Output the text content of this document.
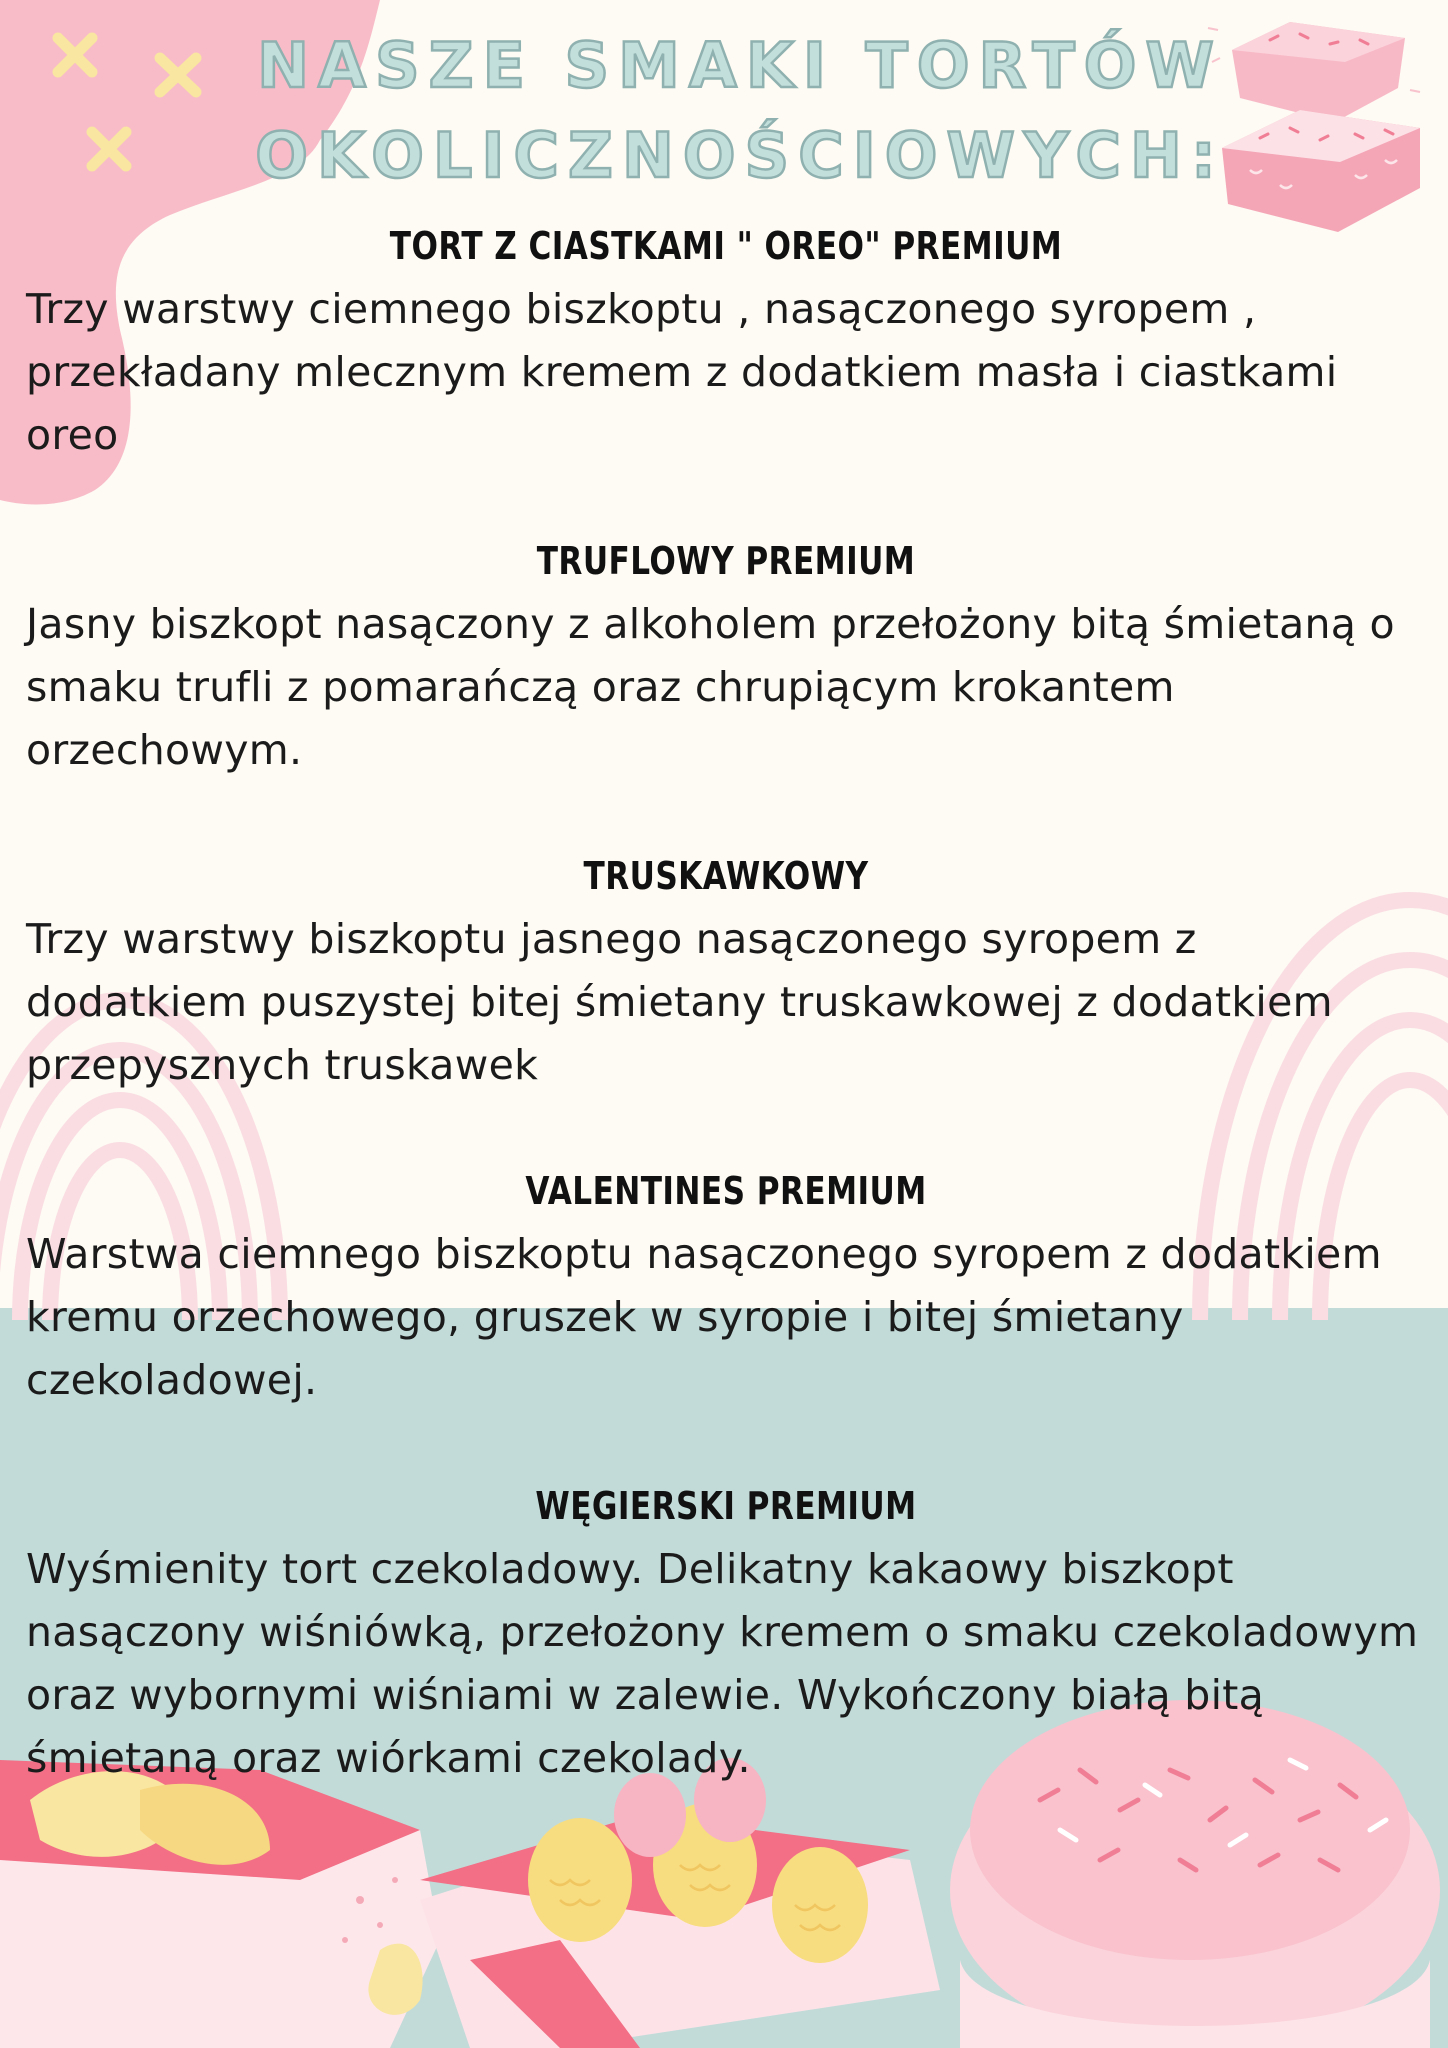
NASZE SMAKI TORTÓW
OKOLICZNOŚCIOWYCH:
TORT Z CIASTKAMI " OREO" PREMIUM

Trzy warstwy ciemnego biszkoptu , nasączonego syropem , przekładany mlecznym kremem z dodatkiem masła i ciastkami oreo

TRUFLOWY PREMIUM

Jasny biszkopt nasączony z alkoholem przełożony bitą śmietaną o smaku trufli z pomarańczą oraz chrupiącym krokantem orzechowym.

TRUSKAWKOWY

Trzy warstwy biszkoptu jasnego nasączonego syropem z dodatkiem puszystej bitej śmietany truskawkowej z dodatkiem przepysznych truskawek

VALENTINES PREMIUM

Warstwa ciemnego biszkoptu nasączonego syropem z dodatkiem kremu orzechowego, gruszek w syropie i bitej śmietany czekoladowej.

WĘGIERSKI PREMIUM

Wyśmienity tort czekoladowy. Delikatny kakaowy biszkopt nasączony wiśniówką, przełożony kremem o smaku czekoladowym oraz wybornymi wiśniami w zalewie. Wykończony białą bitą śmietaną oraz wiórkami czekolady.
